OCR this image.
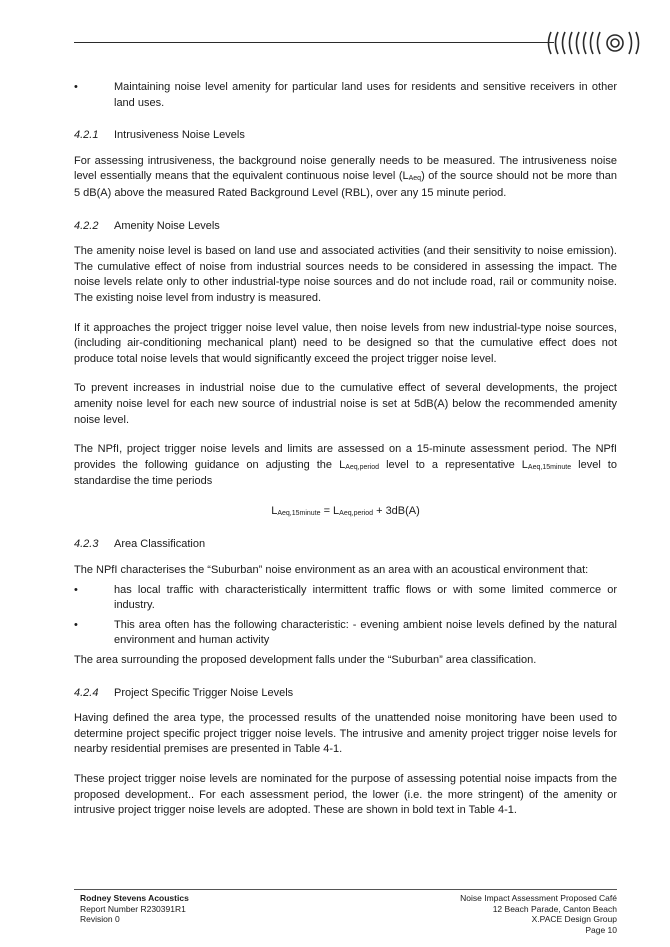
•	Maintaining noise level amenity for particular land uses for residents and sensitive receivers in other land uses.
4.2.1 Intrusiveness Noise Levels

For assessing intrusiveness, the background noise generally needs to be measured. The intrusiveness noise level essentially means that the equivalent continuous noise level $(L_{Aeq})$ of the source should not be more than 5 dB(A) above the measured Rated Background Level (RBL), over any 15 minute period.

4.2.2 Amenity Noise Levels

The amenity noise level is based on land use and associated activities (and their sensitivity to noise emission). The cumulative effect of noise from industrial sources needs to be considered in assessing the impact. The noise levels relate only to other industrial-type noise sources and do not include road, rail or community noise. The existing noise level from industry is measured.

If it approaches the project trigger noise level value, then noise levels from new industrial-type noise sources, (including air-conditioning mechanical plant) need to be designed so that the cumulative effect does not produce total noise levels that would significantly exceed the project trigger noise level.

To prevent increases in industrial noise due to the cumulative effect of several developments, the project amenity noise level for each new source of industrial noise is set at 5dB(A) below the recommended amenity noise level.

The NPfI, project trigger noise levels and limits are assessed on a 15-minute assessment period. The NPfI provides the following guidance on adjusting the $L_{Aeq,period}$ level to a representative $L_{Aeq,15minute}$ level to standardise the time periods

$L_{Aeq,15minute} = L_{Aeq,period} + 3dB(A)$

4.2.3 Area Classification

The NPfI characterises the “Suburban” noise environment as an area with an acoustical environment that:

•	has local traffic with characteristically intermittent traffic flows or with some limited commerce or industry.
•	This area often has the following characteristic: - evening ambient noise levels defined by the natural environment and human activity

The area surrounding the proposed development falls under the “Suburban” area classification.

4.2.4 Project Specific Trigger Noise Levels

Having defined the area type, the processed results of the unattended noise monitoring have been used to determine project specific project trigger noise levels. The intrusive and amenity project trigger noise levels for nearby residential premises are presented in Table 4-1.

These project trigger noise levels are nominated for the purpose of assessing potential noise impacts from the proposed development.. For each assessment period, the lower (i.e. the more stringent) of the amenity or intrusive project trigger noise levels are adopted. These are shown in bold text in Table 4-1.

Rodney Stevens Acoustics
Report Number R230391R1
Revision 0
Noise Impact Assessment Proposed Café
12 Beach Parade, Canton Beach
X.PACE Design Group
Page 10
